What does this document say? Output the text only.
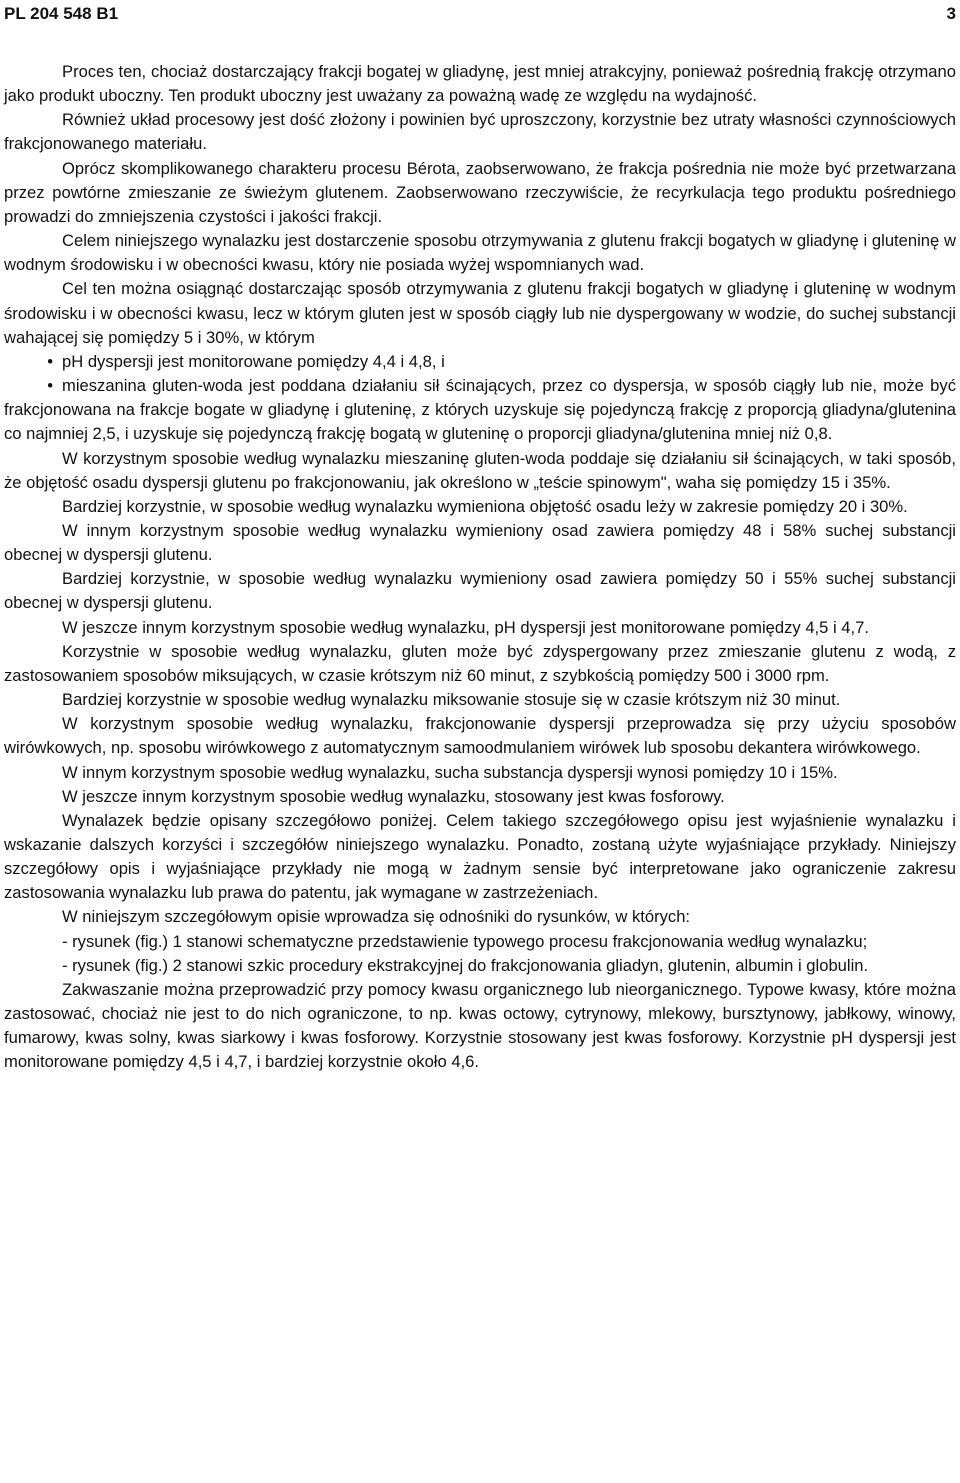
PL 204 548 B1	3

Proces ten, chociaż dostarczający frakcji bogatej w gliadynę, jest mniej atrakcyjny, ponieważ pośrednią frakcję otrzymano jako produkt uboczny. Ten produkt uboczny jest uważany za poważną wadę ze względu na wydajność.

Również układ procesowy jest dość złożony i powinien być uproszczony, korzystnie bez utraty własności czynnościowych frakcjonowanego materiału.

Oprócz skomplikowanego charakteru procesu Bérota, zaobserwowano, że frakcja pośrednia nie może być przetwarzana przez powtórne zmieszanie ze świeżym glutenem. Zaobserwowano rzeczywiście, że recyrkulacja tego produktu pośredniego prowadzi do zmniejszenia czystości i jakości frakcji.

Celem niniejszego wynalazku jest dostarczenie sposobu otrzymywania z glutenu frakcji bogatych w gliadynę i gluteninę w wodnym środowisku i w obecności kwasu, który nie posiada wyżej wspomnianych wad.

Cel ten można osiągnąć dostarczając sposób otrzymywania z glutenu frakcji bogatych w gliadynę i gluteninę w wodnym środowisku i w obecności kwasu, lecz w którym gluten jest w sposób ciągły lub nie dyspergowany w wodzie, do suchej substancji wahającej się pomiędzy 5 i 30%, w którym

• pH dyspersji jest monitorowane pomiędzy 4,4 i 4,8, i

• mieszanina gluten-woda jest poddana działaniu sił ścinających, przez co dyspersja, w sposób ciągły lub nie, może być frakcjonowana na frakcje bogate w gliadynę i gluteninę, z których uzyskuje się pojedynczą frakcję z proporcją gliadyna/glutenina co najmniej 2,5, i uzyskuje się pojedynczą frakcję bogatą w gluteninę o proporcji gliadyna/glutenina mniej niż 0,8.

W korzystnym sposobie według wynalazku mieszaninę gluten-woda poddaje się działaniu sił ścinających, w taki sposób, że objętość osadu dyspersji glutenu po frakcjonowaniu, jak określono w „teście spinowym", waha się pomiędzy 15 i 35%.

Bardziej korzystnie, w sposobie według wynalazku wymieniona objętość osadu leży w zakresie pomiędzy 20 i 30%.

W innym korzystnym sposobie według wynalazku wymieniony osad zawiera pomiędzy 48 i 58% suchej substancji obecnej w dyspersji glutenu.

Bardziej korzystnie, w sposobie według wynalazku wymieniony osad zawiera pomiędzy 50 i 55% suchej substancji obecnej w dyspersji glutenu.

W jeszcze innym korzystnym sposobie według wynalazku, pH dyspersji jest monitorowane pomiędzy 4,5 i 4,7.

Korzystnie w sposobie według wynalazku, gluten może być zdyspergowany przez zmieszanie glutenu z wodą, z zastosowaniem sposobów miksujących, w czasie krótszym niż 60 minut, z szybkością pomiędzy 500 i 3000 rpm.

Bardziej korzystnie w sposobie według wynalazku miksowanie stosuje się w czasie krótszym niż 30 minut.

W korzystnym sposobie według wynalazku, frakcjonowanie dyspersji przeprowadza się przy użyciu sposobów wirówkowych, np. sposobu wirówkowego z automatycznym samoodmulaniem wirówek lub sposobu dekantera wirówkowego.

W innym korzystnym sposobie według wynalazku, sucha substancja dyspersji wynosi pomiędzy 10 i 15%.

W jeszcze innym korzystnym sposobie według wynalazku, stosowany jest kwas fosforowy.

Wynalazek będzie opisany szczegółowo poniżej. Celem takiego szczegółowego opisu jest wyjaśnienie wynalazku i wskazanie dalszych korzyści i szczegółów niniejszego wynalazku. Ponadto, zostaną użyte wyjaśniające przykłady. Niniejszy szczegółowy opis i wyjaśniające przykłady nie mogą w żadnym sensie być interpretowane jako ograniczenie zakresu zastosowania wynalazku lub prawa do patentu, jak wymagane w zastrzeżeniach.

W niniejszym szczegółowym opisie wprowadza się odnośniki do rysunków, w których:

- rysunek (fig.) 1 stanowi schematyczne przedstawienie typowego procesu frakcjonowania według wynalazku;

- rysunek (fig.) 2 stanowi szkic procedury ekstrakcyjnej do frakcjonowania gliadyn, glutenin, albumin i globulin.

Zakwaszanie można przeprowadzić przy pomocy kwasu organicznego lub nieorganicznego. Typowe kwasy, które można zastosować, chociaż nie jest to do nich ograniczone, to np. kwas octowy, cytrynowy, mlekowy, bursztynowy, jabłkowy, winowy, fumarowy, kwas solny, kwas siarkowy i kwas fosforowy. Korzystnie stosowany jest kwas fosforowy. Korzystnie pH dyspersji jest monitorowane pomiędzy 4,5 i 4,7, i bardziej korzystnie około 4,6.
